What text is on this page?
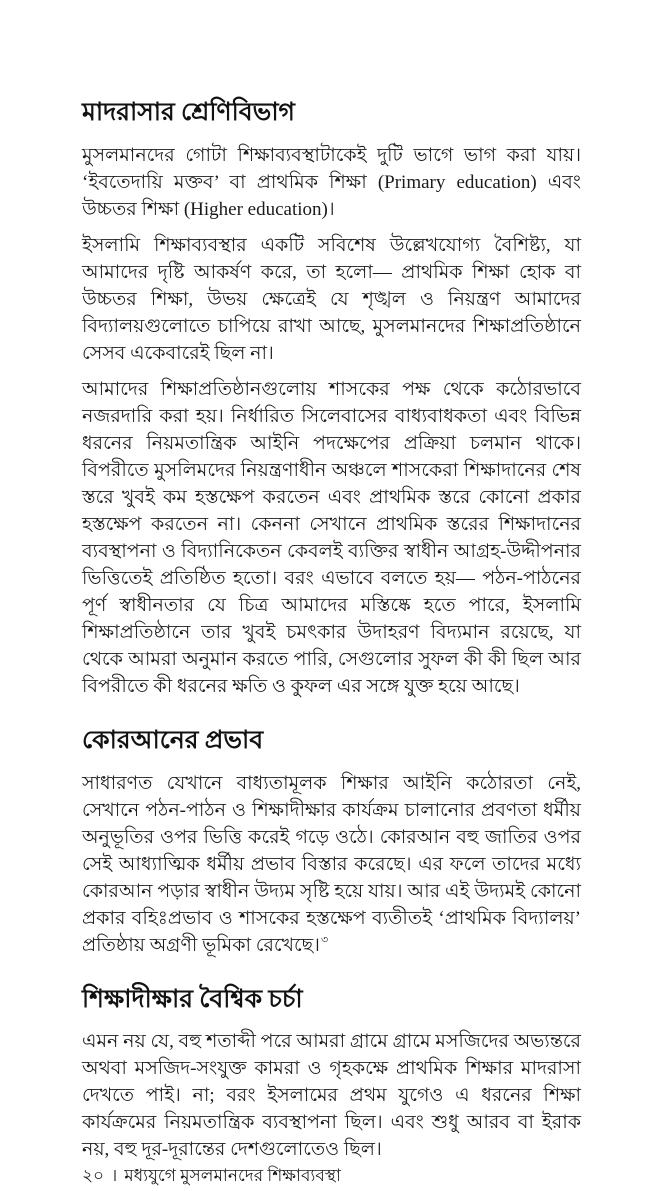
মাদরাসার শ্রেণিবিভাগ

মুসলমানদের গোটা শিক্ষাব্যবস্থাটাকেই দুটি ভাগে ভাগ করা যায়। ‘ইবতেদায়ি মক্তব’ বা প্রাথমিক শিক্ষা (Primary education) এবং উচ্চতর শিক্ষা (Higher education)।

ইসলামি শিক্ষাব্যবস্থার একটি সবিশেষ উল্লেখযোগ্য বৈশিষ্ট্য, যা আমাদের দৃষ্টি আকর্ষণ করে, তা হলো— প্রাথমিক শিক্ষা হোক বা উচ্চতর শিক্ষা, উভয় ক্ষেত্রেই যে শৃঙ্খল ও নিয়ন্ত্রণ আমাদের বিদ্যালয়গুলোতে চাপিয়ে রাখা আছে, মুসলমানদের শিক্ষাপ্রতিষ্ঠানে সেসব একেবারেই ছিল না।

আমাদের শিক্ষাপ্রতিষ্ঠানগুলোয় শাসকের পক্ষ থেকে কঠোরভাবে নজরদারি করা হয়। নির্ধারিত সিলেবাসের বাধ্যবাধকতা এবং বিভিন্ন ধরনের নিয়মতান্ত্রিক আইনি পদক্ষেপের প্রক্রিয়া চলমান থাকে। বিপরীতে মুসলিমদের নিয়ন্ত্রণাধীন অঞ্চলে শাসকেরা শিক্ষাদানের শেষ স্তরে খুবই কম হস্তক্ষেপ করতেন এবং প্রাথমিক স্তরে কোনো প্রকার হস্তক্ষেপ করতেন না। কেননা সেখানে প্রাথমিক স্তরের শিক্ষাদানের ব্যবস্থাপনা ও বিদ্যানিকেতন কেবলই ব্যক্তির স্বাধীন আগ্রহ-উদ্দীপনার ভিত্তিতেই প্রতিষ্ঠিত হতো। বরং এভাবে বলতে হয়— পঠন-পাঠনের পূর্ণ স্বাধীনতার যে চিত্র আমাদের মস্তিষ্কে হতে পারে, ইসলামি শিক্ষাপ্রতিষ্ঠানে তার খুবই চমৎকার উদাহরণ বিদ্যমান রয়েছে, যা থেকে আমরা অনুমান করতে পারি, সেগুলোর সুফল কী কী ছিল আর বিপরীতে কী ধরনের ক্ষতি ও কুফল এর সঙ্গে যুক্ত হয়ে আছে।

কোরআনের প্রভাব

সাধারণত যেখানে বাধ্যতামূলক শিক্ষার আইনি কঠোরতা নেই, সেখানে পঠন-পাঠন ও শিক্ষাদীক্ষার কার্যক্রম চালানোর প্রবণতা ধর্মীয় অনুভূতির ওপর ভিত্তি করেই গড়ে ওঠে। কোরআন বহু জাতির ওপর সেই আধ্যাত্মিক ধর্মীয় প্রভাব বিস্তার করেছে। এর ফলে তাদের মধ্যে কোরআন পড়ার স্বাধীন উদ্যম সৃষ্টি হয়ে যায়। আর এই উদ্যমই কোনো প্রকার বহিঃপ্রভাব ও শাসকের হস্তক্ষেপ ব্যতীতই ‘প্রাথমিক বিদ্যালয়’ প্রতিষ্ঠায় অগ্রণী ভূমিকা রেখেছে।$^৩$

শিক্ষাদীক্ষার বৈশ্বিক চর্চা

এমন নয় যে, বহু শতাব্দী পরে আমরা গ্রামে গ্রামে মসজিদের অভ্যন্তরে অথবা মসজিদ-সংযুক্ত কামরা ও গৃহকক্ষে প্রাথমিক শিক্ষার মাদরাসা দেখতে পাই। না; বরং ইসলামের প্রথম যুগেও এ ধরনের শিক্ষা কার্যক্রমের নিয়মতান্ত্রিক ব্যবস্থাপনা ছিল। এবং শুধু আরব বা ইরাক নয়, বহু দূর-দূরান্তের দেশগুলোতেও ছিল।

২০ । মধ্যযুগে মুসলমানদের শিক্ষাব্যবস্থা
